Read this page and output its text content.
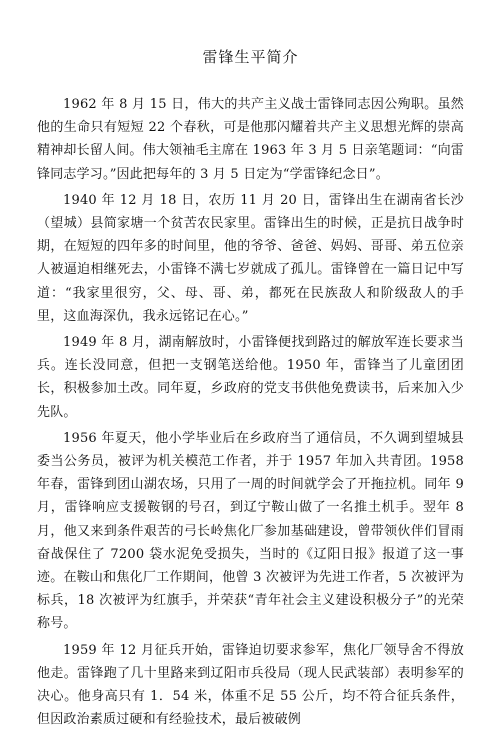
雷锋生平简介

1962 年 8 月 15 日，伟大的共产主义战士雷锋同志因公殉职。虽然他的生命只有短短 22 个春秋，可是他那闪耀着共产主义思想光辉的崇高精神却长留人间。伟大领袖毛主席在 1963 年 3 月 5 日亲笔题词：“向雷锋同志学习。”因此把每年的 3 月 5 日定为“学雷锋纪念日”。

1940 年 12 月 18 日，农历 11 月 20 日，雷锋出生在湖南省长沙（望城）县简家塘一个贫苦农民家里。雷锋出生的时候，正是抗日战争时期，在短短的四年多的时间里，他的爷爷、爸爸、妈妈、哥哥、弟五位亲人被逼迫相继死去，小雷锋不满七岁就成了孤儿。雷锋曾在一篇日记中写道：“我家里很穷，父、母、哥、弟，都死在民族敌人和阶级敌人的手里，这血海深仇，我永远铭记在心。”

1949 年 8 月，湖南解放时，小雷锋便找到路过的解放军连长要求当兵。连长没同意，但把一支钢笔送给他。1950 年，雷锋当了儿童团团长，积极参加土改。同年夏，乡政府的党支书供他免费读书，后来加入少先队。

1956 年夏天，他小学毕业后在乡政府当了通信员，不久调到望城县委当公务员，被评为机关模范工作者，并于 1957 年加入共青团。1958 年春，雷锋到团山湖农场，只用了一周的时间就学会了开拖拉机。同年 9 月，雷锋响应支援鞍钢的号召，到辽宁鞍山做了一名推土机手。翌年 8 月，他又来到条件艰苦的弓长岭焦化厂参加基础建设，曾带领伙伴们冒雨奋战保住了 7200 袋水泥免受损失，当时的《辽阳日报》报道了这一事迹。在鞍山和焦化厂工作期间，他曾 3 次被评为先进工作者，5 次被评为标兵，18 次被评为红旗手，并荣获“青年社会主义建设积极分子”的光荣称号。

1959 年 12 月征兵开始，雷锋迫切要求参军，焦化厂领导舍不得放他走。雷锋跑了几十里路来到辽阳市兵役局（现人民武装部）表明参军的决心。他身高只有 1．54 米，体重不足 55 公斤，均不符合征兵条件，但因政治素质过硬和有经验技术，最后被破例
